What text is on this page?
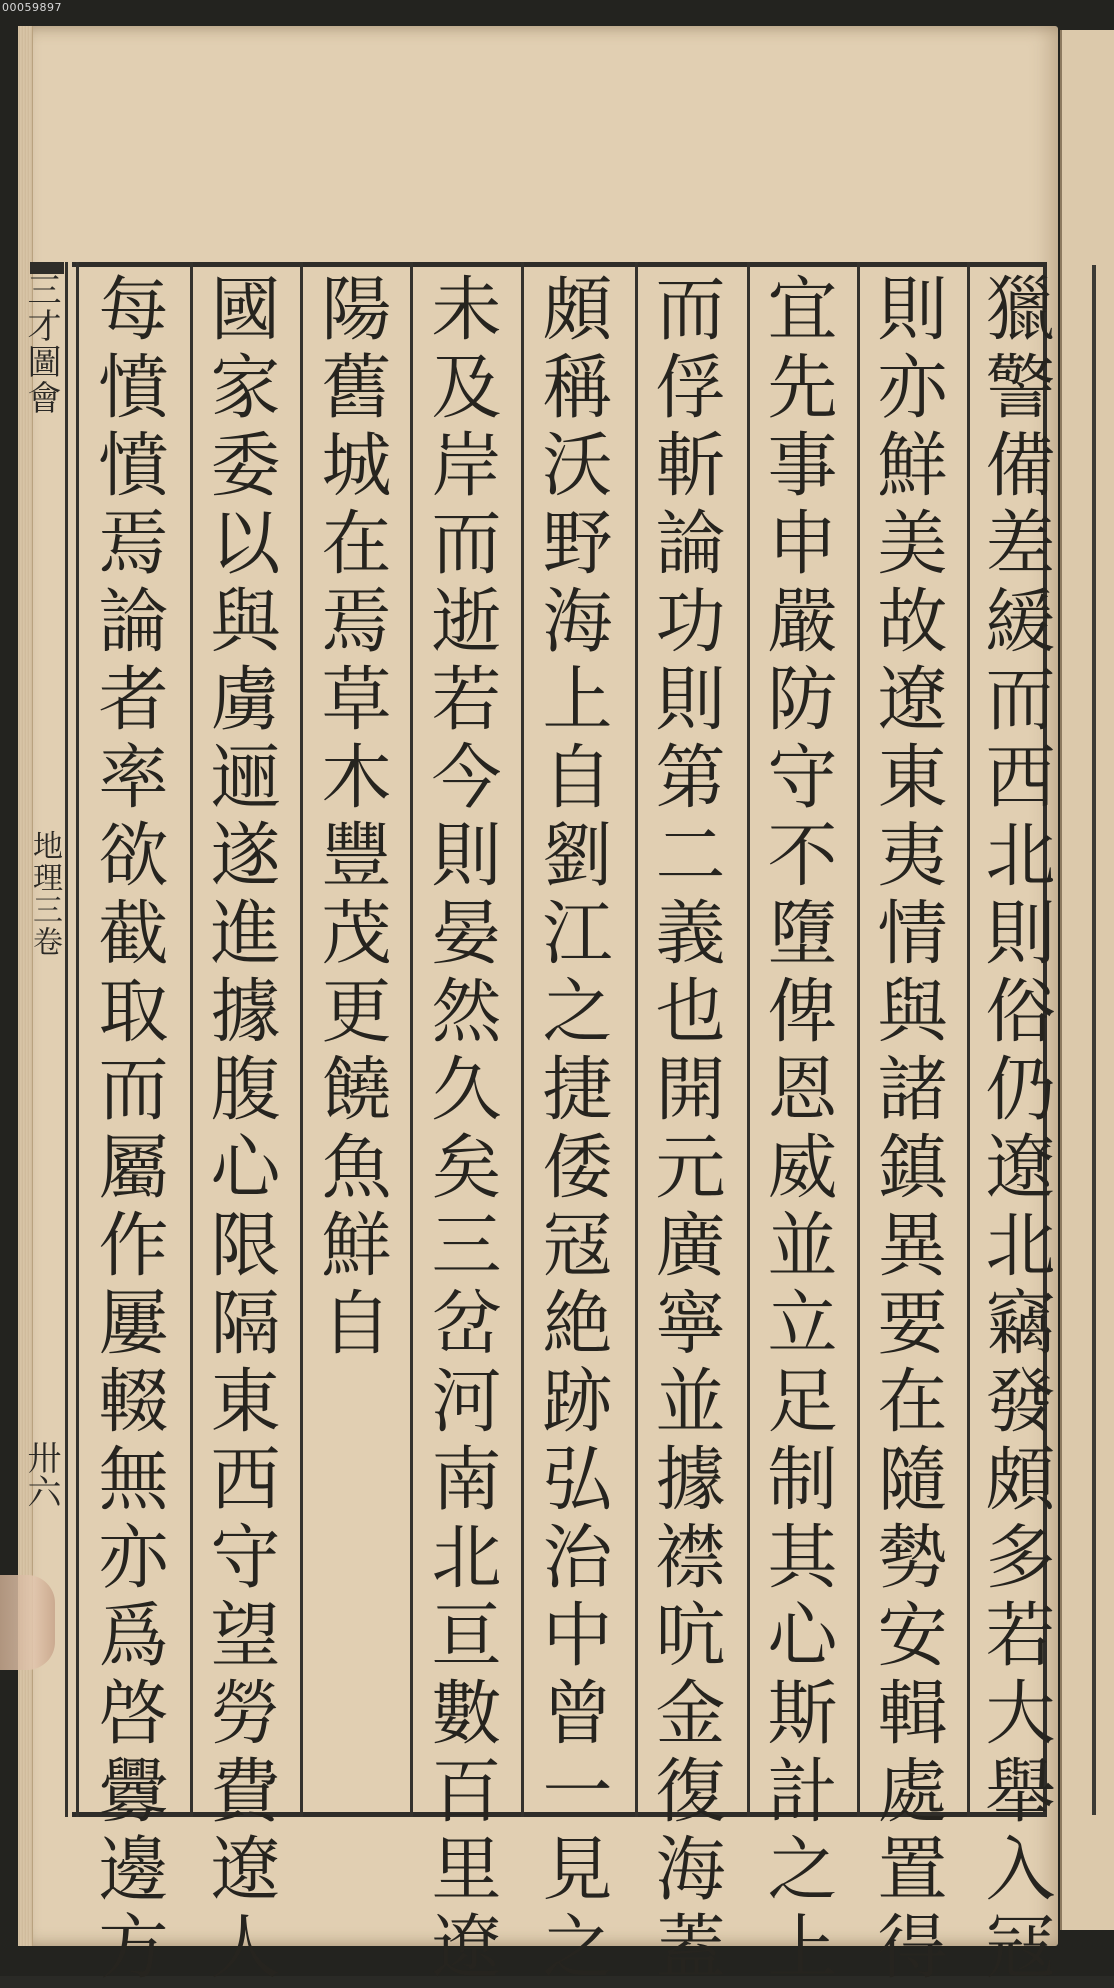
00059897
三才圖會
地理三卷
卅六	獵警備差緩而西北則俗仍遼北竊發頗多若大舉入冦
則亦鮮美故遼東夷情與諸鎮異要在隨勢安輯處置得
宜先事申嚴防守不墮俾恩威並立足制其心斯計之上
而俘斬論功則第二義也開元廣寧並據襟吭金復海蓋
頗稱沃野海上自劉江之捷倭冦絶跡弘治中曾一見之
未及岸而逝若今則晏然久矣三岔河南北亘數百里遼
陽舊城在焉草木豐茂更饒魚鮮自
國家委以與虜逦遂進據腹心限隔東西守望勞費遼人
每憤憤焉論者率欲截取而屬作屢輟無亦爲啓釁邊方
